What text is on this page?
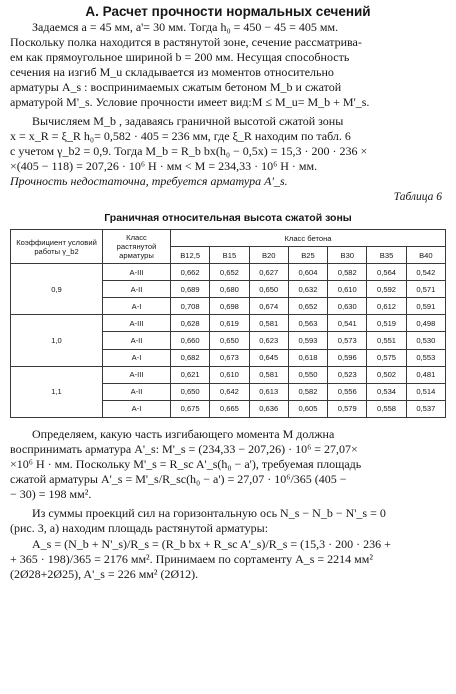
А. Расчет прочности нормальных сечений
Задаемся a = 45 мм, a'= 30 мм. Тогда h₀ = 450 − 45 = 405 мм.
Поскольку полка находится в растянутой зоне, сечение рассматрива-
ем как прямоугольное шириной b = 200 мм. Несущая способность
сечения на изгиб M_u складывается из моментов относительно
арматуры A_s : воспринимаемых сжатым бетоном M_b и сжатой
арматурой M'_s. Условие прочности имеет вид:M ≤ M_u= M_b + M'_s.
Вычисляем M_b , задаваясь граничной высотой сжатой зоны
x = x_R = ξ_R h₀= 0,582 · 405 = 236 мм, где ξ_R находим по табл. 6
с учетом γ_b2 = 0,9. Тогда M_b = R_b bx(h₀ − 0,5x) = 15,3 · 200 · 236 ×
×(405 − 118) = 207,26 · 10⁶ Н · мм < M = 234,33 · 10⁶ Н · мм.
Прочность недостаточна, требуется арматура A'_s.
Таблица 6
Граничная относительная высота сжатой зоны
Коэффициент условий работы γ_b2	Класс растянутой арматуры	Класс бетона						
		B12,5	B15	B20	B25	B30	B35	B40
0,9	A-III	0,662	0,652	0,627	0,604	0,582	0,564	0,542
	A-II	0,689	0,680	0,650	0,632	0,610	0,592	0,571
	A-I	0,708	0,698	0,674	0,652	0,630	0,612	0,591
1,0	A-III	0,628	0,619	0,581	0,563	0,541	0,519	0,498
	A-II	0,660	0,650	0,623	0,593	0,573	0,551	0,530
	A-I	0,682	0,673	0,645	0,618	0,596	0,575	0,553
1,1	A-III	0,621	0,610	0,581	0,550	0,523	0,502	0,481
	A-II	0,650	0,642	0,613	0,582	0,556	0,534	0,514
	A-I	0,675	0,665	0,636	0,605	0,579	0,558	0,537
Определяем, какую часть изгибающего момента M должна
воспринимать арматура A'_s: M'_s = (234,33 − 207,26) · 10⁶ = 27,07×
×10⁶ Н · мм. Поскольку M'_s = R_sc A'_s(h₀ − a'), требуемая площадь
сжатой арматуры A'_s = M'_s/R_sc(h₀ − a') = 27,07 · 10⁶/365 (405 −
− 30) = 198 мм².
Из суммы проекций сил на горизонтальную ось N_s − N_b − N'_s = 0
(рис. 3, а) находим площадь растянутой арматуры:
A_s = (N_b + N'_s)/R_s = (R_b bx + R_sc A'_s)/R_s = (15,3 · 200 · 236 +
+ 365 · 198)/365 = 2176 мм². Принимаем по сортаменту A_s = 2214 мм²
(2Ø28+2Ø25), A'_s = 226 мм² (2Ø12).
